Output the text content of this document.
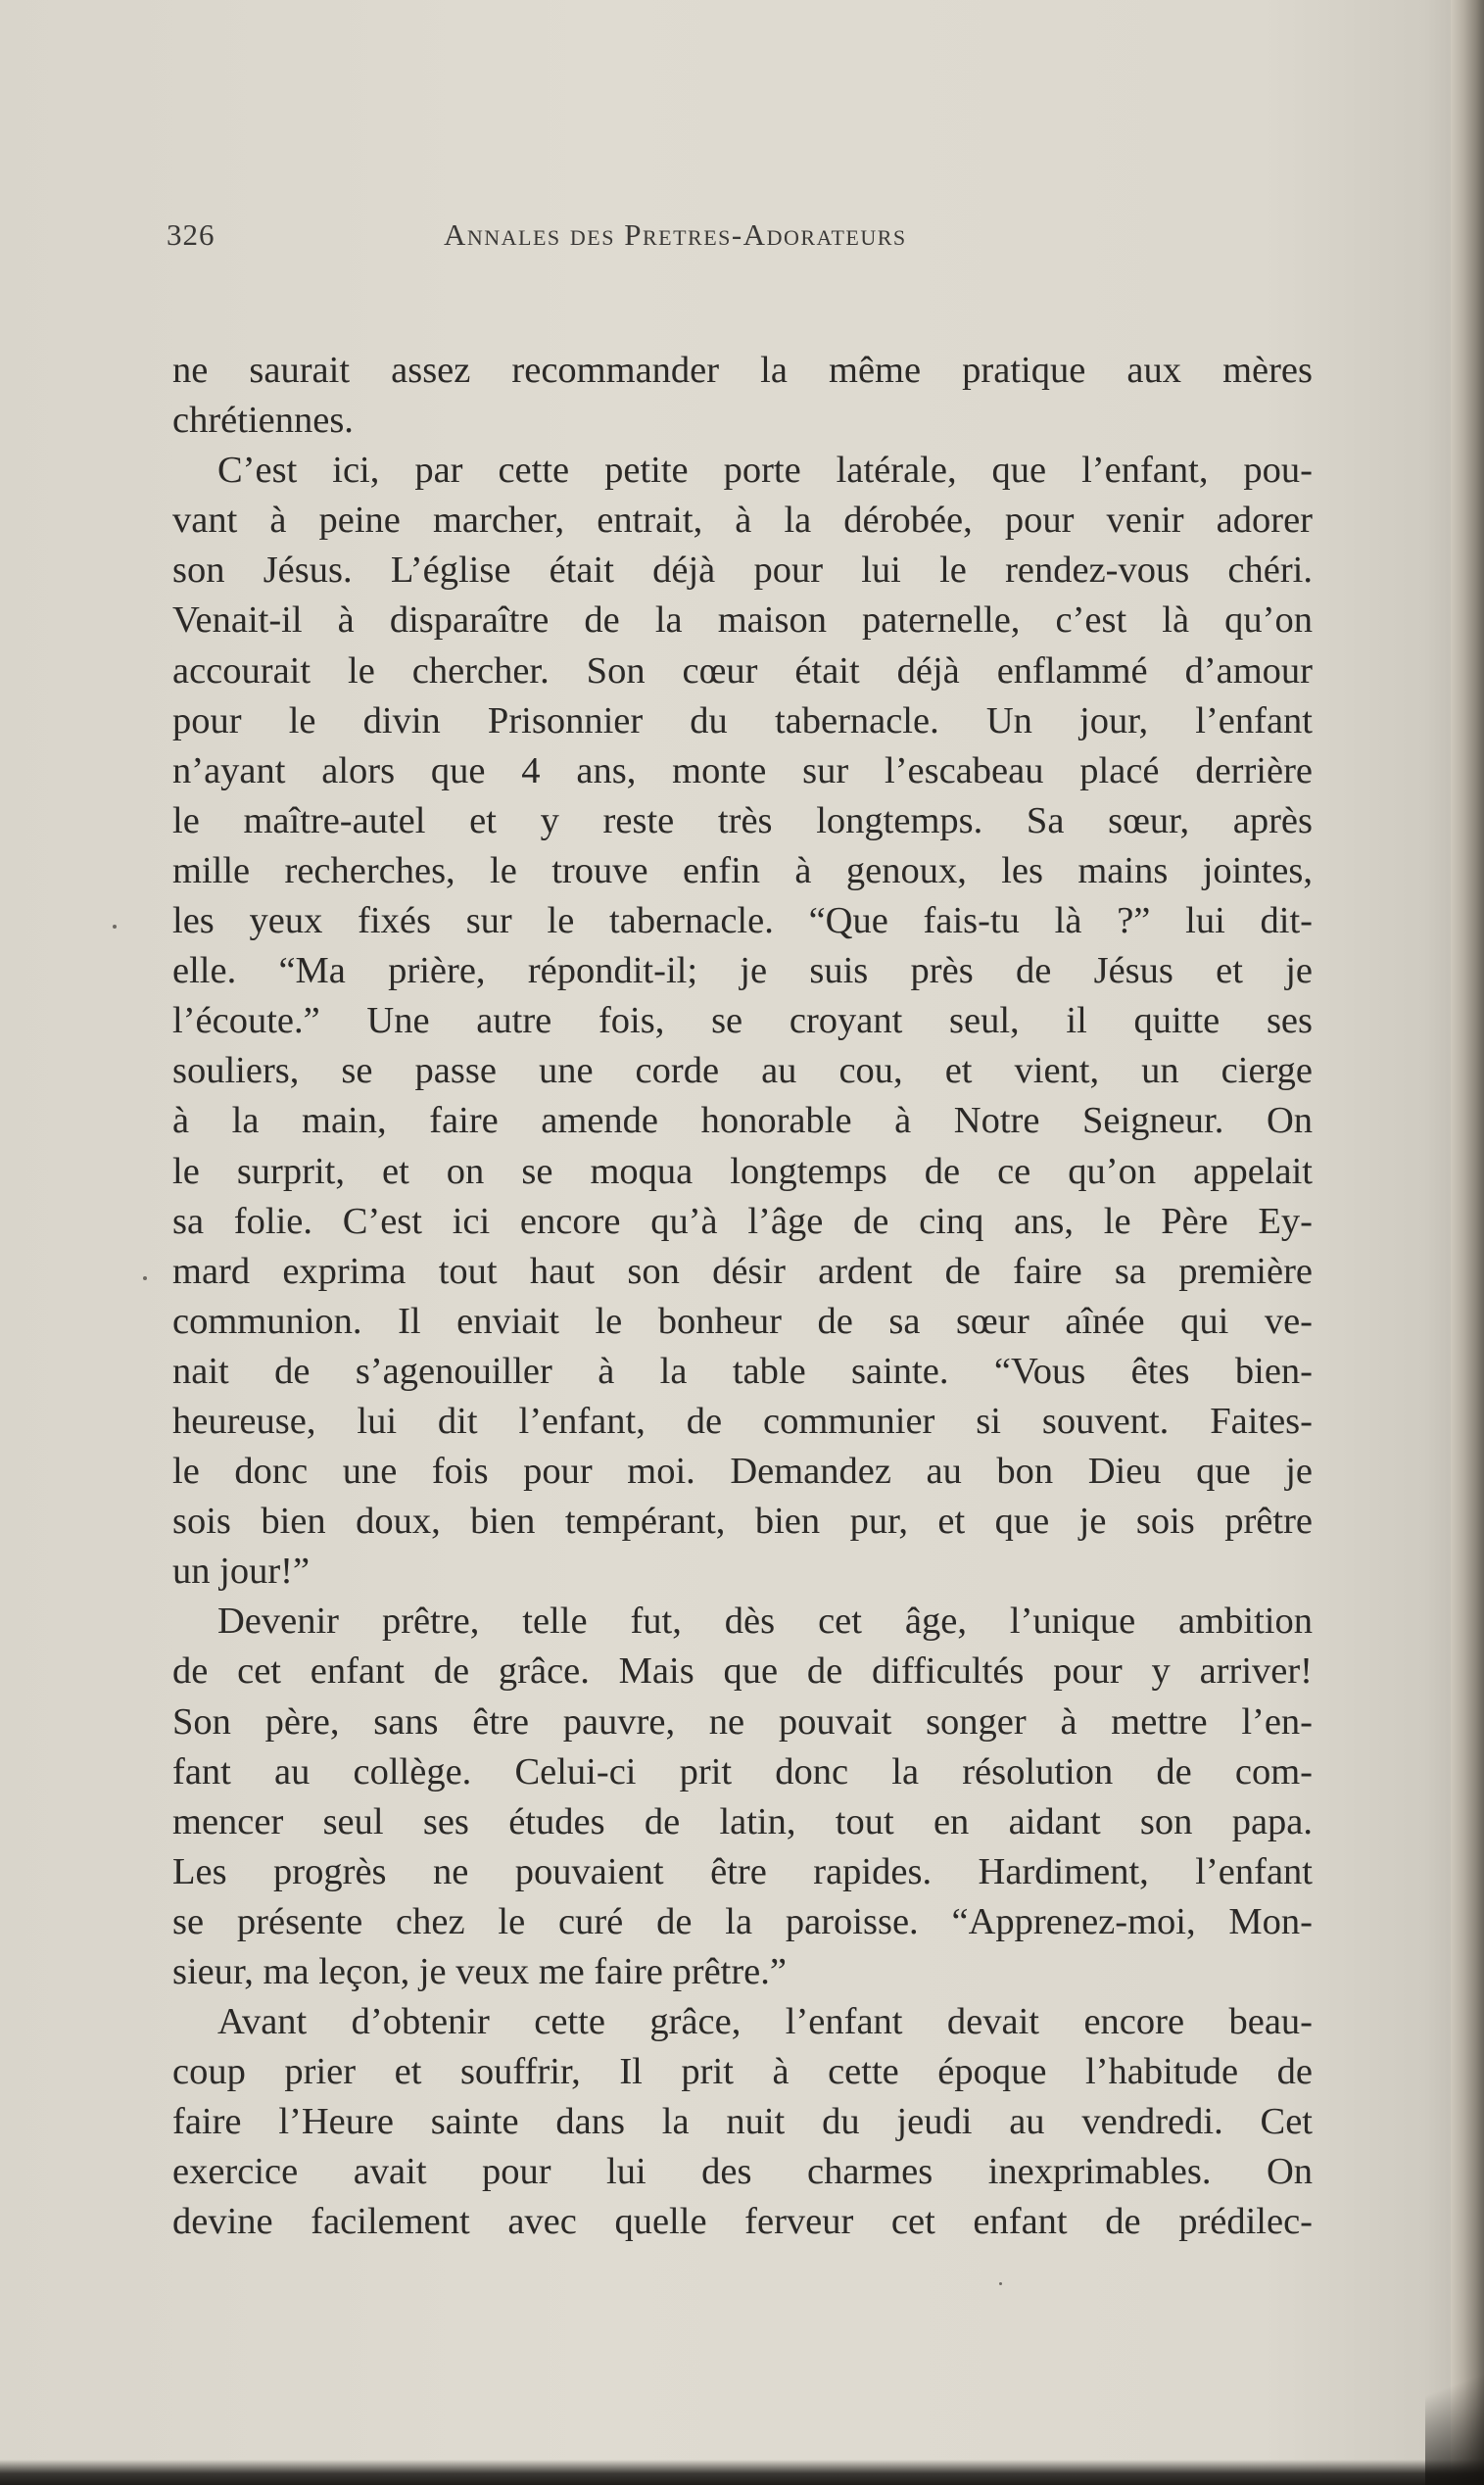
326	Annales des Pretres-Adorateurs
ne saurait assez recommander la même pratique aux mères
chrétiennes.
C’est ici, par cette petite porte latérale, que l’enfant, pou-
vant à peine marcher, entrait, à la dérobée, pour venir adorer
son Jésus. L’église était déjà pour lui le rendez-vous chéri.
Venait-il à disparaître de la maison paternelle, c’est là qu’on
accourait le chercher. Son cœur était déjà enflammé d’amour
pour le divin Prisonnier du tabernacle. Un jour, l’enfant
n’ayant alors que 4 ans, monte sur l’escabeau placé derrière
le maître-autel et y reste très longtemps. Sa sœur, après
mille recherches, le trouve enfin à genoux, les mains jointes,
les yeux fixés sur le tabernacle. “Que fais-tu là ?” lui dit-
elle. “Ma prière, répondit-il; je suis près de Jésus et je
l’écoute.” Une autre fois, se croyant seul, il quitte ses
souliers, se passe une corde au cou, et vient, un cierge
à la main, faire amende honorable à Notre Seigneur. On
le surprit, et on se moqua longtemps de ce qu’on appelait
sa folie. C’est ici encore qu’à l’âge de cinq ans, le Père Ey-
mard exprima tout haut son désir ardent de faire sa première
communion. Il enviait le bonheur de sa sœur aînée qui ve-
nait de s’agenouiller à la table sainte. “Vous êtes bien-
heureuse, lui dit l’enfant, de communier si souvent. Faites-
le donc une fois pour moi. Demandez au bon Dieu que je
sois bien doux, bien tempérant, bien pur, et que je sois prêtre
un jour!”
Devenir prêtre, telle fut, dès cet âge, l’unique ambition
de cet enfant de grâce. Mais que de difficultés pour y arriver!
Son père, sans être pauvre, ne pouvait songer à mettre l’en-
fant au collège. Celui-ci prit donc la résolution de com-
mencer seul ses études de latin, tout en aidant son papa.
Les progrès ne pouvaient être rapides. Hardiment, l’enfant
se présente chez le curé de la paroisse. “Apprenez-moi, Mon-
sieur, ma leçon, je veux me faire prêtre.”
Avant d’obtenir cette grâce, l’enfant devait encore beau-
coup prier et souffrir, Il prit à cette époque l’habitude de
faire l’Heure sainte dans la nuit du jeudi au vendredi. Cet
exercice avait pour lui des charmes inexprimables. On
devine facilement avec quelle ferveur cet enfant de prédilec-
